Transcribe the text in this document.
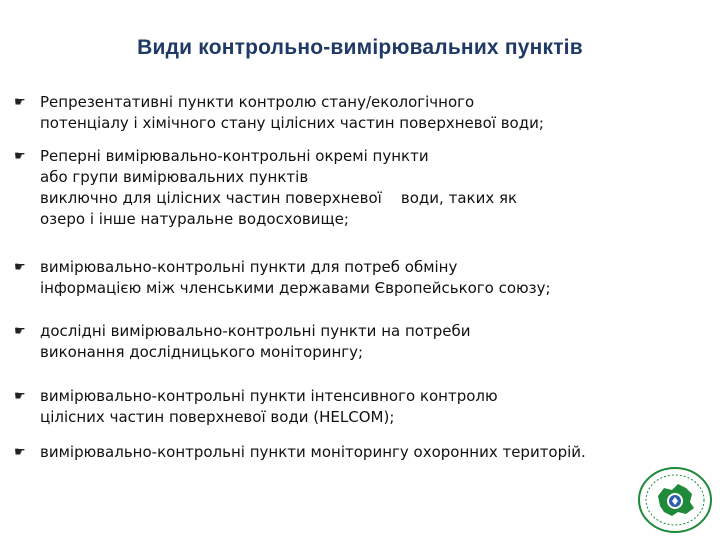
Види контрольно-вимірювальних пунктів
☛ Репрезентативні пункти контролю стану/екологічного
потенціалу і хімічного стану цілісних частин поверхневої води;
☛ Реперні вимірювально-контрольні окремі пункти
або групи вимірювальних пунктів
виключно для цілісних частин поверхневої    води, таких як
озеро і інше натуральне водосховище;
☛ вимірювально-контрольні пункти для потреб обміну
інформацією між членськими державами Європейського союзу;
☛ дослідні вимірювально-контрольні пункти на потреби
виконання дослідницького моніторингу;
☛ вимірювально-контрольні пункти інтенсивного контролю
цілісних частин поверхневої води (HELCOM);
☛ вимірювально-контрольні пункти моніторингу охоронних територій.
